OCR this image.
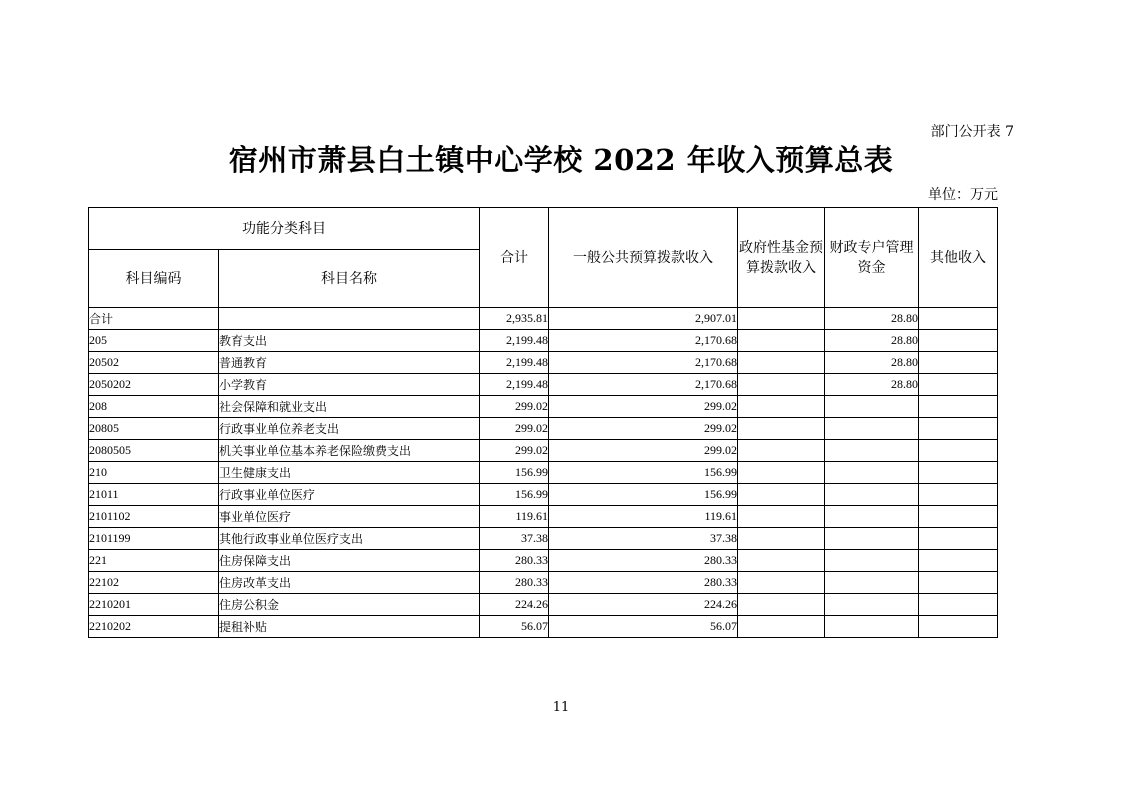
部门公开表 7
宿州市萧县白土镇中心学校 2022 年收入预算总表
单位：万元
功能分类科目		合计	一般公共预算拨款收入	政府性基金预算拨款收入	财政专户管理资金	其他收入
科目编码	科目名称					
合计		2,935.81	2,907.01		28.80	
205	教育支出	2,199.48	2,170.68		28.80	
20502	普通教育	2,199.48	2,170.68		28.80	
2050202	小学教育	2,199.48	2,170.68		28.80	
208	社会保障和就业支出	299.02	299.02			
20805	行政事业单位养老支出	299.02	299.02			
2080505	机关事业单位基本养老保险缴费支出	299.02	299.02			
210	卫生健康支出	156.99	156.99			
21011	行政事业单位医疗	156.99	156.99			
2101102	事业单位医疗	119.61	119.61			
2101199	其他行政事业单位医疗支出	37.38	37.38			
221	住房保障支出	280.33	280.33			
22102	住房改革支出	280.33	280.33			
2210201	住房公积金	224.26	224.26			
2210202	提租补贴	56.07	56.07			
11
